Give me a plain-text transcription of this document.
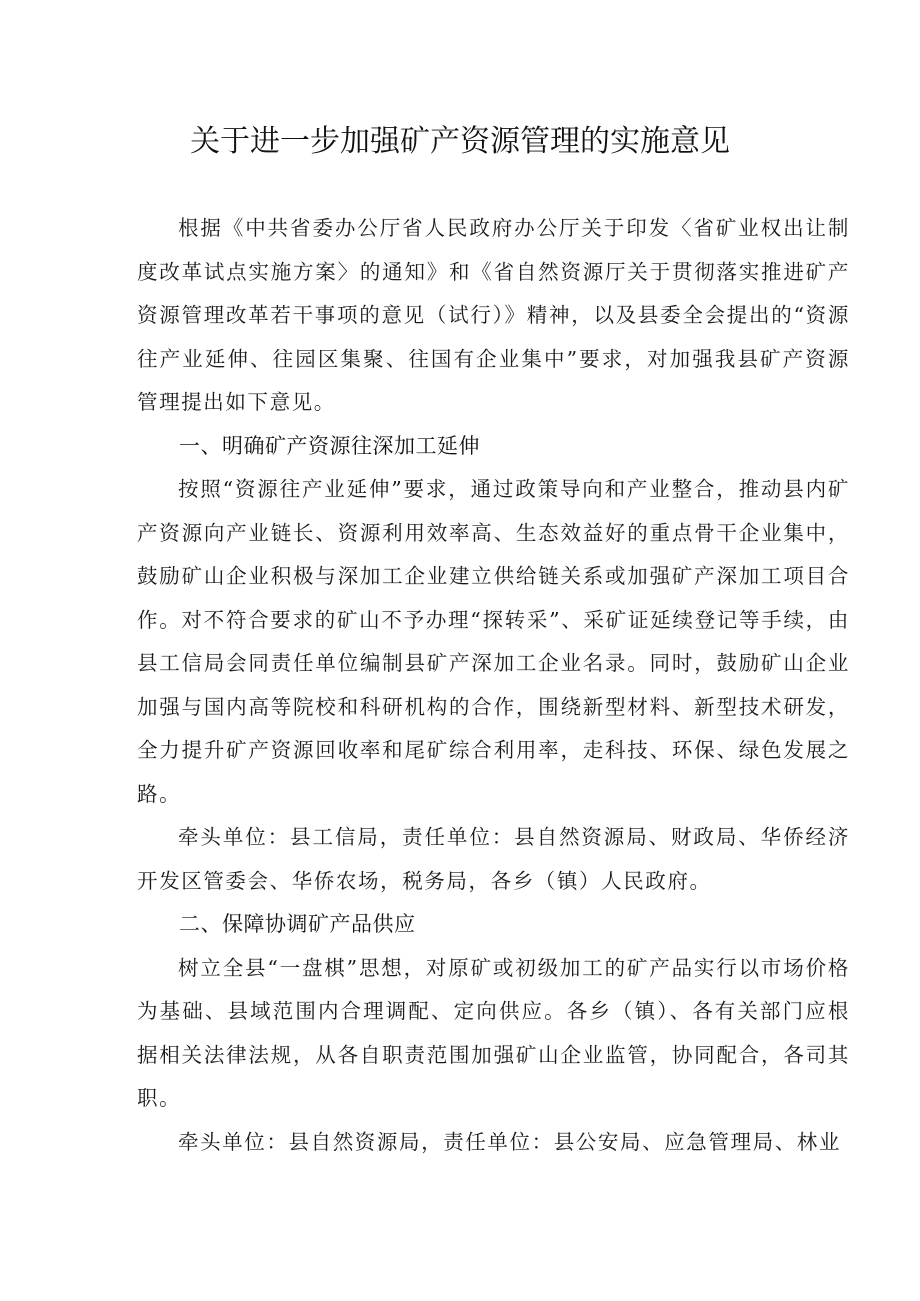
关于进一步加强矿产资源管理的实施意见

根据《中共省委办公厅省人民政府办公厅关于印发〈省矿业权出让制度改革试点实施方案〉的通知》和《省自然资源厅关于贯彻落实推进矿产资源管理改革若干事项的意见（试行）》精神，以及县委全会提出的“资源往产业延伸、往园区集聚、往国有企业集中”要求，对加强我县矿产资源管理提出如下意见。

一、明确矿产资源往深加工延伸

按照“资源往产业延伸”要求，通过政策导向和产业整合，推动县内矿产资源向产业链长、资源利用效率高、生态效益好的重点骨干企业集中，鼓励矿山企业积极与深加工企业建立供给链关系或加强矿产深加工项目合作。对不符合要求的矿山不予办理“探转采”、采矿证延续登记等手续，由县工信局会同责任单位编制县矿产深加工企业名录。同时，鼓励矿山企业加强与国内高等院校和科研机构的合作，围绕新型材料、新型技术研发，全力提升矿产资源回收率和尾矿综合利用率，走科技、环保、绿色发展之路。

牵头单位：县工信局，责任单位：县自然资源局、财政局、华侨经济开发区管委会、华侨农场，税务局，各乡（镇）人民政府。

二、保障协调矿产品供应

树立全县“一盘棋”思想，对原矿或初级加工的矿产品实行以市场价格为基础、县域范围内合理调配、定向供应。各乡（镇）、各有关部门应根据相关法律法规，从各自职责范围加强矿山企业监管，协同配合，各司其职。

牵头单位：县自然资源局，责任单位：县公安局、应急管理局、林业
